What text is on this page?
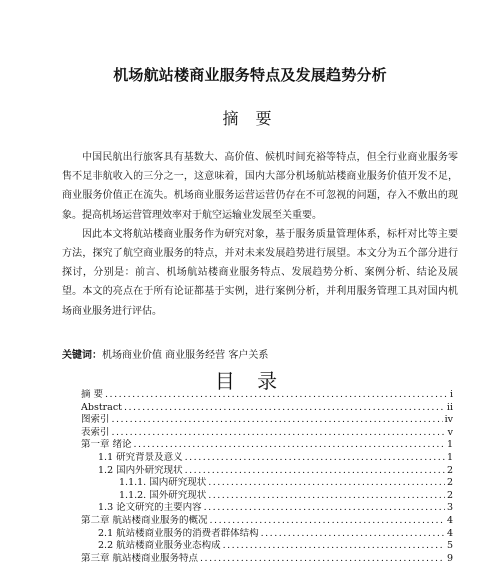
机场航站楼商业服务特点及发展趋势分析
摘 要

中国民航出行旅客具有基数大、高价值、候机时间充裕等特点，但全行业商业服务零售不足非航收入的三分之一，这意味着，国内大部分机场航站楼商业服务价值开发不足，商业服务价值正在流失。机场商业服务运营运营仍存在不可忽视的问题，存入不敷出的现象。提高机场运营管理效率对于航空运输业发展至关重要。

因此本文将航站楼商业服务作为研究对象，基于服务质量管理体系，标杆对比等主要方法，探究了航空商业服务的特点，并对未来发展趋势进行展望。本文分为五个部分进行探讨，分别是：前言、机场航站楼商业服务特点、发展趋势分析、案例分析、结论及展望。本文的亮点在于所有论证都基于实例，进行案例分析，并利用服务管理工具对国内机场商业服务进行评估。

关键词：机场商业价值 商业服务经营 客户关系
目 录
摘 要 .....	i
Abstract .....	ii
图索引 .....	iv
表索引 .....	v
第一章 绪论 .....	1
1.1 研究背景及意义 .....	1
1.2 国内外研究现状 .....	2
1.1.1. 国内研究现状 .....	2
1.1.2. 国外研究现状 .....	2
1.3 论文研究的主要内容 .....	3
第二章 航站楼商业服务的概况 .....	4
2.1 航站楼商业服务的消费者群体结构 .....	4
2.2 航站楼商业服务业态构成 .....	5
第三章 航站楼商业服务特点 .....	9
